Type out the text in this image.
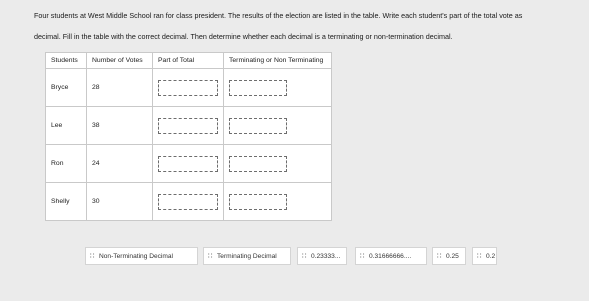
Four students at West Middle School ran for class president. The results of the election are listed in the table. Write each student's part of the total vote as

decimal. Fill in the table with the correct decimal. Then determine whether each decimal is a terminating or non-termination decimal.

Students	Number of Votes	Part of Total	Terminating or Non Terminating
Bryce	28	

Lee	38	

Ron	24	

Shelly	30	

∷ Non-Terminating Decimal	∷ Terminating Decimal	∷ 0.23333...	∷ 0.31666666....	∷ 0.25	∷ 0.2
